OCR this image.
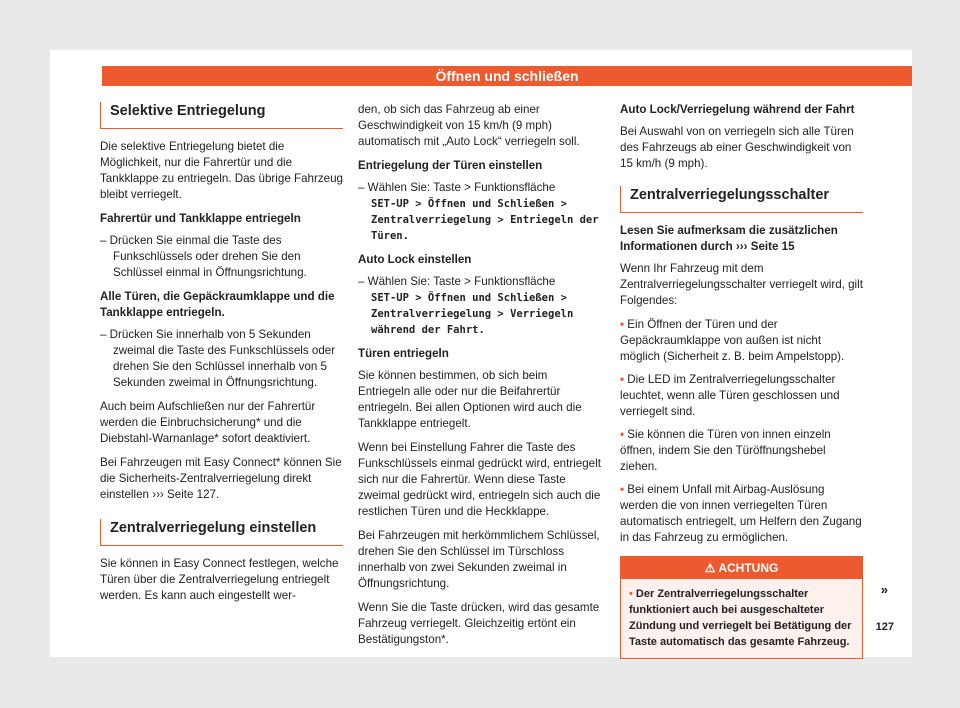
Öffnen und schließen
Selektive Entriegelung

Die selektive Entriegelung bietet die Möglichkeit, nur die Fahrertür und die Tankklappe zu entriegeln. Das übrige Fahrzeug bleibt verriegelt.

Fahrertür und Tankklappe entriegeln

– Drücken Sie einmal die Taste des Funkschlüssels oder drehen Sie den Schlüssel einmal in Öffnungsrichtung.

Alle Türen, die Gepäckraumklappe und die Tankklappe entriegeln.

– Drücken Sie innerhalb von 5 Sekunden zweimal die Taste des Funkschlüssels oder drehen Sie den Schlüssel innerhalb von 5 Sekunden zweimal in Öffnungsrichtung.

Auch beim Aufschließen nur der Fahrertür werden die Einbruchsicherung* und die Diebstahl-Warnanlage* sofort deaktiviert.

Bei Fahrzeugen mit Easy Connect* können Sie die Sicherheits-Zentralverriegelung direkt einstellen ››› Seite 127.

Zentralverriegelung einstellen

Sie können in Easy Connect festlegen, welche Türen über die Zentralverriegelung entriegelt werden. Es kann auch eingestellt wer-

den, ob sich das Fahrzeug ab einer Geschwindigkeit von 15 km/h (9 mph) automatisch mit „Auto Lock“ verriegeln soll.

Entriegelung der Türen einstellen

– Wählen Sie: Taste > Funktionsfläche

SET-UP > Öffnen und Schließen > Zentralverriegelung > Entriegeln der Türen.

Auto Lock einstellen

– Wählen Sie: Taste > Funktionsfläche

SET-UP > Öffnen und Schließen > Zentralverriegelung > Verriegeln während der Fahrt.

Türen entriegeln

Sie können bestimmen, ob sich beim Entriegeln alle oder nur die Beifahrertür entriegeln. Bei allen Optionen wird auch die Tankklappe entriegelt.

Wenn bei Einstellung Fahrer die Taste des Funkschlüssels einmal gedrückt wird, entriegelt sich nur die Fahrertür. Wenn diese Taste zweimal gedrückt wird, entriegeln sich auch die restlichen Türen und die Heckklappe.

Bei Fahrzeugen mit herkömmlichem Schlüssel, drehen Sie den Schlüssel im Türschloss innerhalb von zwei Sekunden zweimal in Öffnungsrichtung.

Wenn Sie die Taste drücken, wird das gesamte Fahrzeug verriegelt. Gleichzeitig ertönt ein Bestätigungston*.

Auto Lock/Verriegelung während der Fahrt

Bei Auswahl von on verriegeln sich alle Türen des Fahrzeugs ab einer Geschwindigkeit von 15 km/h (9 mph).

Zentralverriegelungsschalter

Lesen Sie aufmerksam die zusätzlichen Informationen durch ››› Seite 15

Wenn Ihr Fahrzeug mit dem Zentralverriegelungsschalter verriegelt wird, gilt Folgendes:

• Ein Öffnen der Türen und der Gepäckraumklappe von außen ist nicht möglich (Sicherheit z. B. beim Ampelstopp).

• Die LED im Zentralverriegelungsschalter leuchtet, wenn alle Türen geschlossen und verriegelt sind.

• Sie können die Türen von innen einzeln öffnen, indem Sie den Türöffnungshebel ziehen.

• Bei einem Unfall mit Airbag-Auslösung werden die von innen verriegelten Türen automatisch entriegelt, um Helfern den Zugang in das Fahrzeug zu ermöglichen.

⚠ ACHTUNG
• Der Zentralverriegelungsschalter funktioniert auch bei ausgeschalteter Zündung und verriegelt bei Betätigung der Taste automatisch das gesamte Fahrzeug.
»
127
